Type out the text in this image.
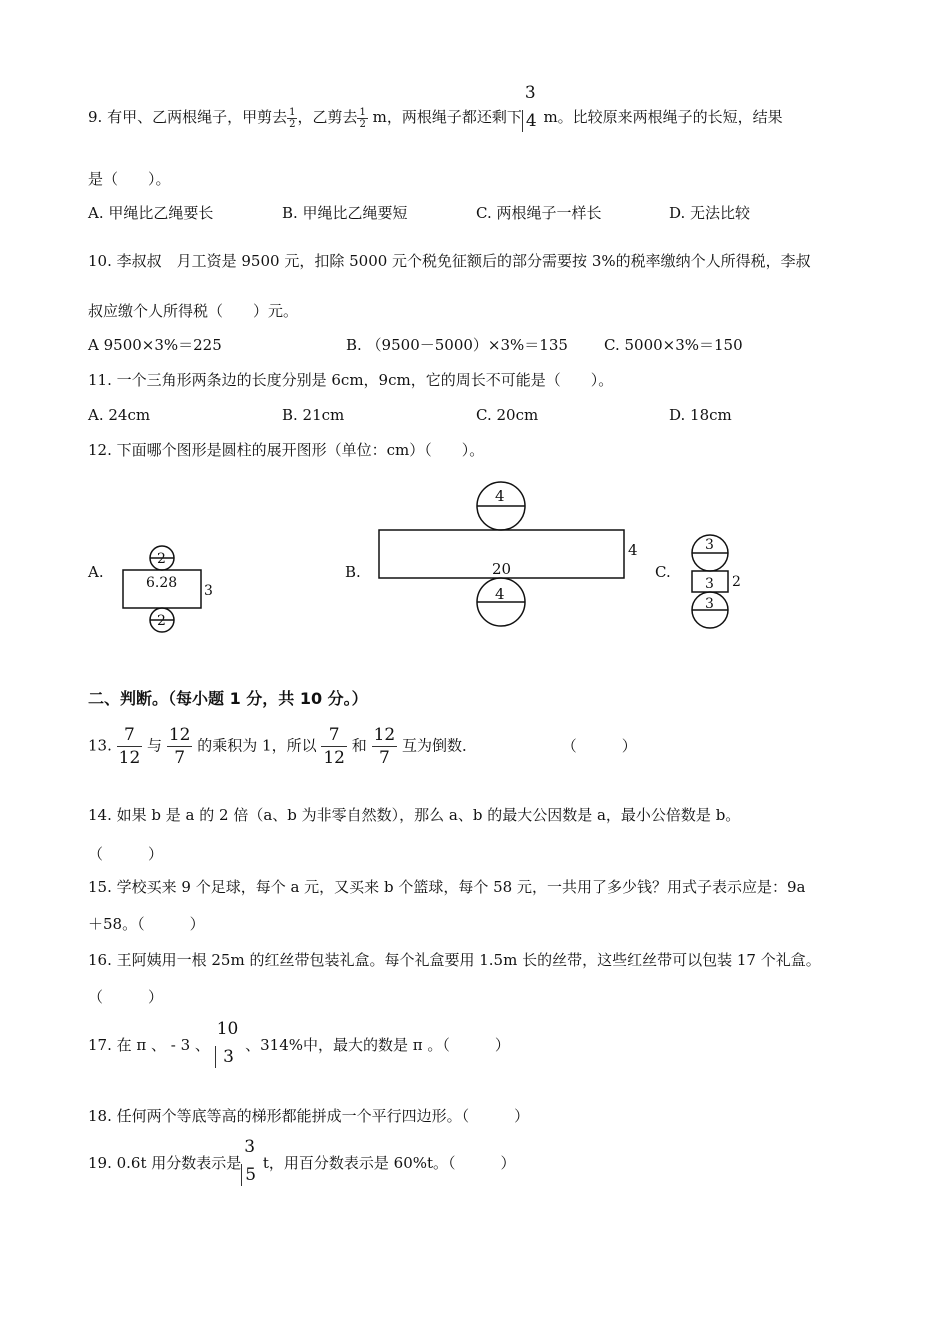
9. 有甲、乙两根绳子，甲剪去 $\frac{1}{2}$ ，乙剪去 $\frac{1}{2}$ m，两根绳子都还剩下
3
4 m。比较原来两根绳子的长短，结果
是（　　）。
A. 甲绳比乙绳要长	B. 甲绳比乙绳要短	C. 两根绳子一样长	D. 无法比较
10. 李叔叔　月工资是 9500 元，扣除 5000 元个税免征额后的部分需要按 3%的税率缴纳个人所得税，李叔
叔应缴个人所得税（　　）元。
A 9500×3%＝225	B. （9500－5000）×3%＝135 C. 5000×3%＝150
11. 一个三角形两条边的长度分别是 6cm，9cm，它的周长不可能是（　　）。
A. 24cm	B. 21cm	C. 20cm	D. 18cm
12. 下面哪个图形是圆柱的展开图形（单位：cm）（　　）。
A.	B.	C.
2
6.28 3
2
4
20
4
4
3
3 2
3
二、判断。（每小题 1 分，共 10 分。）
13. $\frac{7}{12}$ 与 $\frac{12}{7}$ 的乘积为 1，所以 $\frac{7}{12}$ 和 $\frac{12}{7}$ 互为倒数．	（　　　）
14. 如果 b 是 a 的 2 倍（a、b 为非零自然数），那么 a、b 的最大公因数是 a，最小公倍数是 b。
（　　　）
15. 学校买来 9 个足球，每个 a 元，又买来 b 个篮球，每个 58 元，一共用了多少钱？用式子表示应是：9a
＋58。（　　　）
16. 王阿姨用一根 25m 的红丝带包装礼盒。每个礼盒要用 1.5m 长的丝带，这些红丝带可以包装 17 个礼盒。
（　　　）
17. 在 π 、 - 3 、
10
3
、314%中，最大的数是 π 。（　　　）
18. 任何两个等底等高的梯形都能拼成一个平行四边形。（　　　）
19. 0.6t 用分数表示是
3
5
t，用百分数表示是 60%t。（　　　）
